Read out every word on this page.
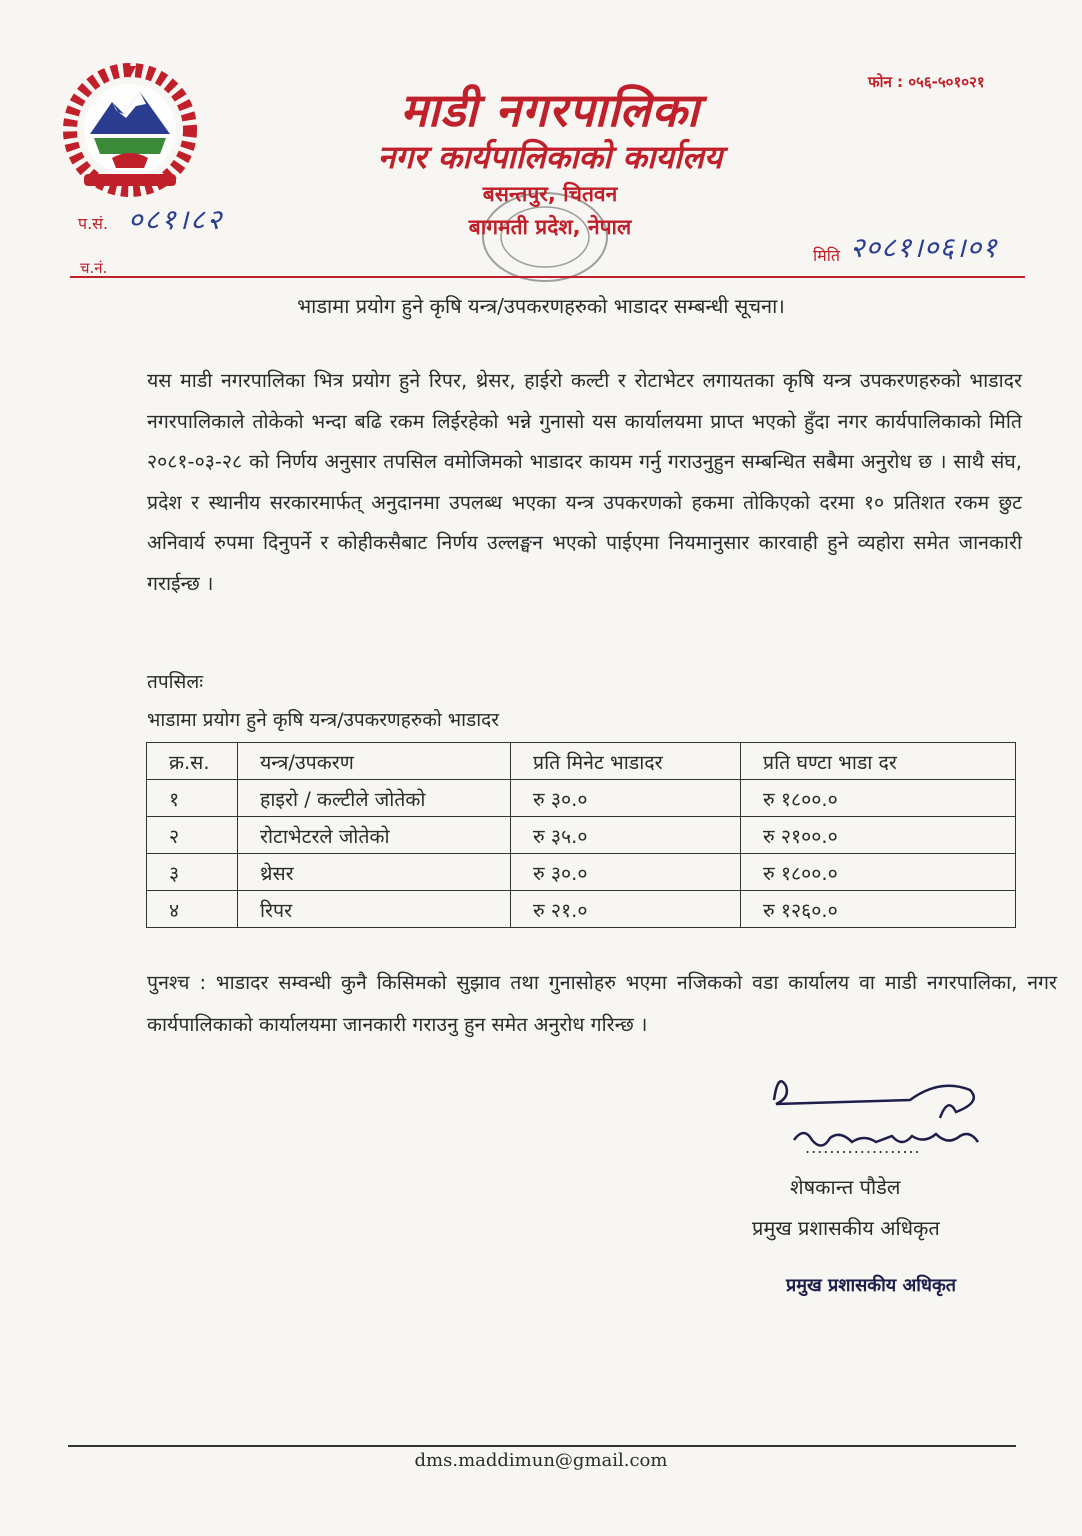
माडी नगरपालिका
नगर कार्यपालिकाको कार्यालय
बसन्तपुर, चितवन
बागमती प्रदेश, नेपाल
फोन : ०५६-५०१०२१
प.सं. ०८१।८२
च.नं.
मिति २०८१।०६।०१
भाडामा प्रयोग हुने कृषि यन्त्र/उपकरणहरुको भाडादर सम्बन्धी सूचना।
यस माडी नगरपालिका भित्र प्रयोग हुने रिपर, थ्रेसर, हाईरो कल्टी र रोटाभेटर लगायतका कृषि यन्त्र उपकरणहरुको भाडादर नगरपालिकाले तोकेको भन्दा बढि रकम लिईरहेको भन्ने गुनासो यस कार्यालयमा प्राप्त भएको हुँदा नगर कार्यपालिकाको मिति २०८१-०३-२८ को निर्णय अनुसार तपसिल वमोजिमको भाडादर कायम गर्नु गराउनुहुन सम्बन्धित सबैमा अनुरोध छ । साथै संघ, प्रदेश र स्थानीय सरकारमार्फत् अनुदानमा उपलब्ध भएका यन्त्र उपकरणको हकमा तोकिएको दरमा १० प्रतिशत रकम छुट अनिवार्य रुपमा दिनुपर्ने र कोहीकसैबाट निर्णय उल्लङ्घन भएको पाईएमा नियमानुसार कारवाही हुने व्यहोरा समेत जानकारी गराईन्छ ।
तपसिलः
भाडामा प्रयोग हुने कृषि यन्त्र/उपकरणहरुको भाडादर
क्र.स.	यन्त्र/उपकरण	प्रति मिनेट भाडादर	प्रति घण्टा भाडा दर
१	हाइरो / कल्टीले जोतेको	रु ३०.०	रु १८००.०
२	रोटाभेटरले जोतेको	रु ३५.०	रु २१००.०
३	थ्रेसर	रु ३०.०	रु १८००.०
४	रिपर	रु २१.०	रु १२६०.०
पुनश्च : भाडादर सम्वन्धी कुनै किसिमको सुझाव तथा गुनासोहरु भएमा नजिकको वडा कार्यालय वा माडी नगरपालिका, नगर कार्यपालिकाको कार्यालयमा जानकारी गराउनु हुन समेत अनुरोध गरिन्छ ।
...................
शेषकान्त पौडेल
प्रमुख प्रशासकीय अधिकृत
प्रमुख प्रशासकीय अधिकृत
dms.maddimun@gmail.com
